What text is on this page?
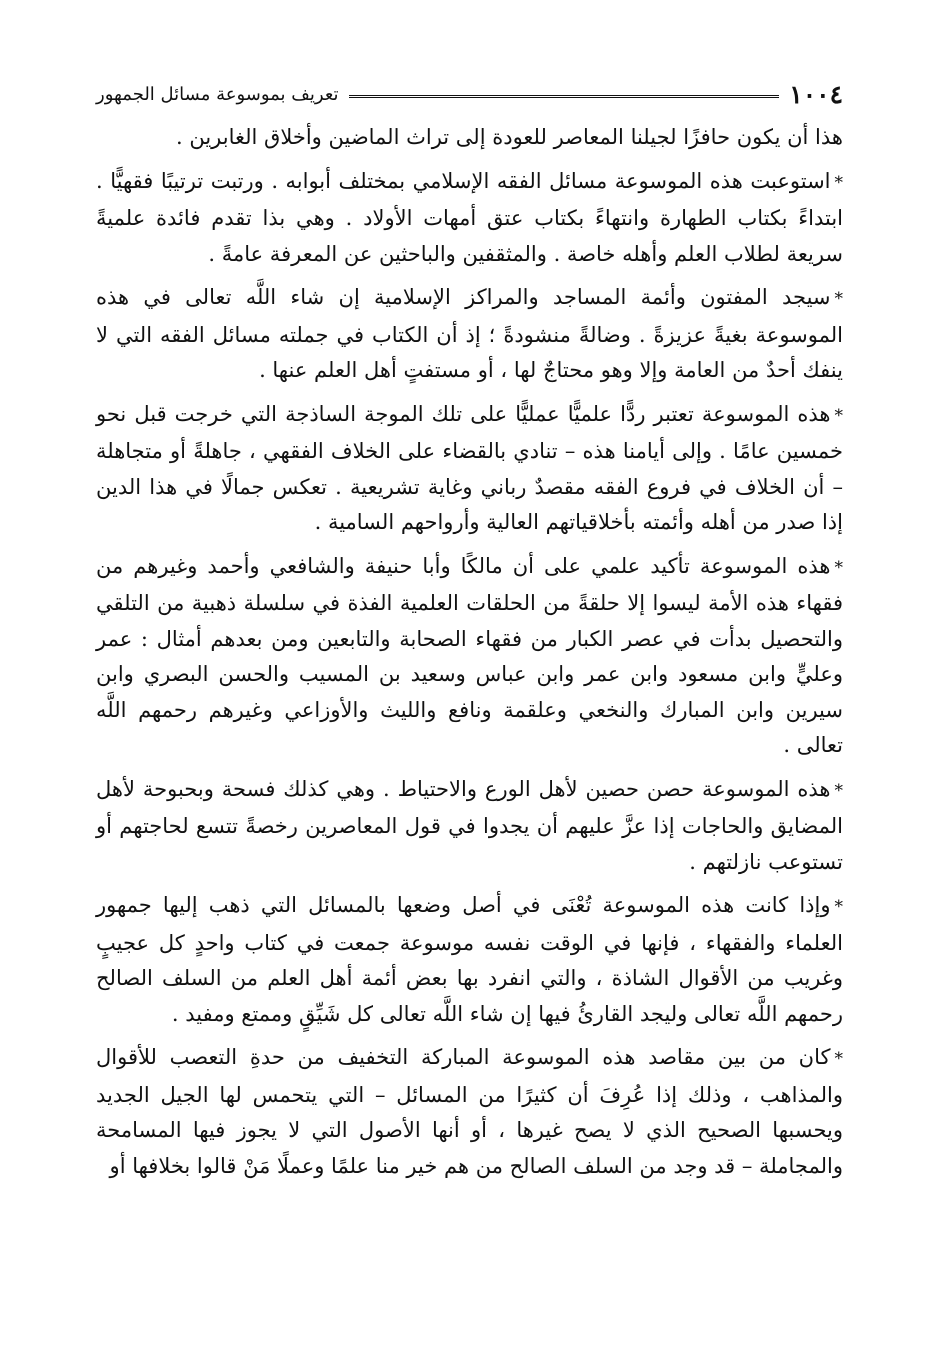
١٠٠٤
تعريف بموسوعة مسائل الجمهور

هذا أن يكون حافزًا لجيلنا المعاصر للعودة إلى تراث الماضين وأخلاق الغابرين .

*استوعبت هذه الموسوعة مسائل الفقه الإسلامي بمختلف أبوابه . ورتبت ترتيبًا فقهيًّا . ابتداءً بكتاب الطهارة وانتهاءً بكتاب عتق أمهات الأولاد . وهي بذا تقدم فائدة علميةً سريعة لطلاب العلم وأهله خاصة . والمثقفين والباحثين عن المعرفة عامةً .

*سيجد المفتون وأئمة المساجد والمراكز الإسلامية إن شاء اللَّه تعالى في هذه الموسوعة بغيةً عزيزةً . وضالةً منشودةً ؛ إذ أن الكتاب في جملته مسائل الفقه التي لا ينفك أحدٌ من العامة وإلا وهو محتاجٌ لها ، أو مستفتٍ أهل العلم عنها .

*هذه الموسوعة تعتبر ردًّا علميًّا عمليًّا على تلك الموجة الساذجة التي خرجت قبل نحو خمسين عامًا . وإلى أيامنا هذه – تنادي بالقضاء على الخلاف الفقهي ، جاهلةً أو متجاهلة – أن الخلاف في فروع الفقه مقصدٌ رباني وغاية تشريعية . تعكس جمالًا في هذا الدين إذا صدر من أهله وأئمته بأخلاقياتهم العالية وأرواحهم السامية .

*هذه الموسوعة تأكيد علمي على أن مالكًا وأبا حنيفة والشافعي وأحمد وغيرهم من فقهاء هذه الأمة ليسوا إلا حلقةً من الحلقات العلمية الفذة في سلسلة ذهبية من التلقي والتحصيل بدأت في عصر الكبار من فقهاء الصحابة والتابعين ومن بعدهم أمثال : عمر وعليٍّ وابن مسعود وابن عمر وابن عباس وسعيد بن المسيب والحسن البصري وابن سيرين وابن المبارك والنخعي وعلقمة ونافع والليث والأوزاعي وغيرهم رحمهم اللَّه تعالى .

*هذه الموسوعة حصن حصين لأهل الورع والاحتياط . وهي كذلك فسحة وبحبوحة لأهل المضايق والحاجات إذا عزَّ عليهم أن يجدوا في قول المعاصرين رخصةً تتسع لحاجتهم أو تستوعب نازلتهم .

*وإذا كانت هذه الموسوعة تُعْنَى في أصل وضعها بالمسائل التي ذهب إليها جمهور العلماء والفقهاء ، فإنها في الوقت نفسه موسوعة جمعت في كتاب واحدٍ كل عجيبٍ وغريب من الأقوال الشاذة ، والتي انفرد بها بعض أئمة أهل العلم من السلف الصالح رحمهم اللَّه تعالى وليجد القارئُ فيها إن شاء اللَّه تعالى كل شَيِّقٍ وممتع ومفيد .

*كان من بين مقاصد هذه الموسوعة المباركة التخفيف من حدةِ التعصب للأقوال والمذاهب ، وذلك إذا عُرِفَ أن كثيرًا من المسائل – التي يتحمس لها الجيل الجديد ويحسبها الصحيح الذي لا يصح غيرها ، أو أنها الأصول التي لا يجوز فيها المسامحة والمجاملة – قد وجد من السلف الصالح من هم خير منا علمًا وعملًا مَنْ قالوا بخلافها أو
